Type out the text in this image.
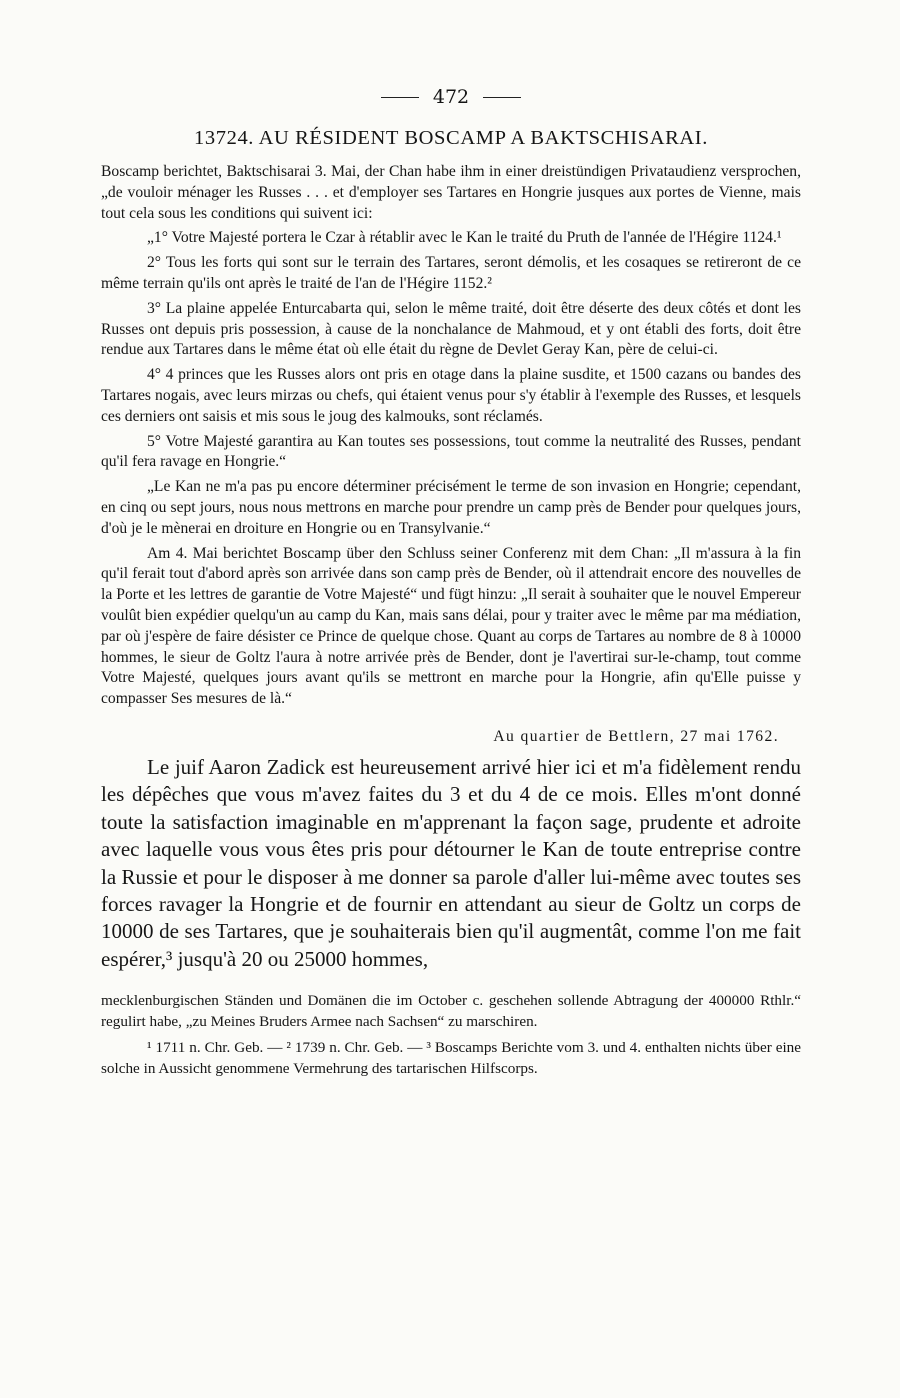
472
13724. AU RÉSIDENT BOSCAMP A BAKTSCHISARAI.

Boscamp berichtet, Baktschisarai 3. Mai, der Chan habe ihm in einer dreistündigen Privataudienz versprochen, „de vouloir ménager les Russes . . . et d'employer ses Tartares en Hongrie jusques aux portes de Vienne, mais tout cela sous les conditions qui suivent ici:

„1° Votre Majesté portera le Czar à rétablir avec le Kan le traité du Pruth de l'année de l'Hégire 1124.¹

2° Tous les forts qui sont sur le terrain des Tartares, seront démolis, et les cosaques se retireront de ce même terrain qu'ils ont après le traité de l'an de l'Hégire 1152.²

3° La plaine appelée Enturcabarta qui, selon le même traité, doit être déserte des deux côtés et dont les Russes ont depuis pris possession, à cause de la nonchalance de Mahmoud, et y ont établi des forts, doit être rendue aux Tartares dans le même état où elle était du règne de Devlet Geray Kan, père de celui-ci.

4° 4 princes que les Russes alors ont pris en otage dans la plaine susdite, et 1500 cazans ou bandes des Tartares nogais, avec leurs mirzas ou chefs, qui étaient venus pour s'y établir à l'exemple des Russes, et lesquels ces derniers ont saisis et mis sous le joug des kalmouks, sont réclamés.

5° Votre Majesté garantira au Kan toutes ses possessions, tout comme la neutralité des Russes, pendant qu'il fera ravage en Hongrie.“

„Le Kan ne m'a pas pu encore déterminer précisément le terme de son invasion en Hongrie; cependant, en cinq ou sept jours, nous nous mettrons en marche pour prendre un camp près de Bender pour quelques jours, d'où je le mènerai en droiture en Hongrie ou en Transylvanie.“

Am 4. Mai berichtet Boscamp über den Schluss seiner Conferenz mit dem Chan: „Il m'assura à la fin qu'il ferait tout d'abord après son arrivée dans son camp près de Bender, où il attendrait encore des nouvelles de la Porte et les lettres de garantie de Votre Majesté“ und fügt hinzu: „Il serait à souhaiter que le nouvel Empereur voulût bien expédier quelqu'un au camp du Kan, mais sans délai, pour y traiter avec le même par ma médiation, par où j'espère de faire désister ce Prince de quelque chose. Quant au corps de Tartares au nombre de 8 à 10000 hommes, le sieur de Goltz l'aura à notre arrivée près de Bender, dont je l'avertirai sur-le-champ, tout comme Votre Majesté, quelques jours avant qu'ils se mettront en marche pour la Hongrie, afin qu'Elle puisse y compasser Ses mesures de là.“

Au quartier de Bettlern, 27 mai 1762.

Le juif Aaron Zadick est heureusement arrivé hier ici et m'a fidèlement rendu les dépêches que vous m'avez faites du 3 et du 4 de ce mois. Elles m'ont donné toute la satisfaction imaginable en m'apprenant la façon sage, prudente et adroite avec laquelle vous vous êtes pris pour détourner le Kan de toute entreprise contre la Russie et pour le disposer à me donner sa parole d'aller lui-même avec toutes ses forces ravager la Hongrie et de fournir en attendant au sieur de Goltz un corps de 10000 de ses Tartares, que je souhaiterais bien qu'il augmentât, comme l'on me fait espérer,³ jusqu'à 20 ou 25000 hommes,

mecklenburgischen Ständen und Domänen die im October c. geschehen sollende Abtragung der 400000 Rthlr.“ regulirt habe, „zu Meines Bruders Armee nach Sachsen“ zu marschiren.

¹ 1711 n. Chr. Geb. — ² 1739 n. Chr. Geb. — ³ Boscamps Berichte vom 3. und 4. enthalten nichts über eine solche in Aussicht genommene Vermehrung des tartarischen Hilfscorps.
